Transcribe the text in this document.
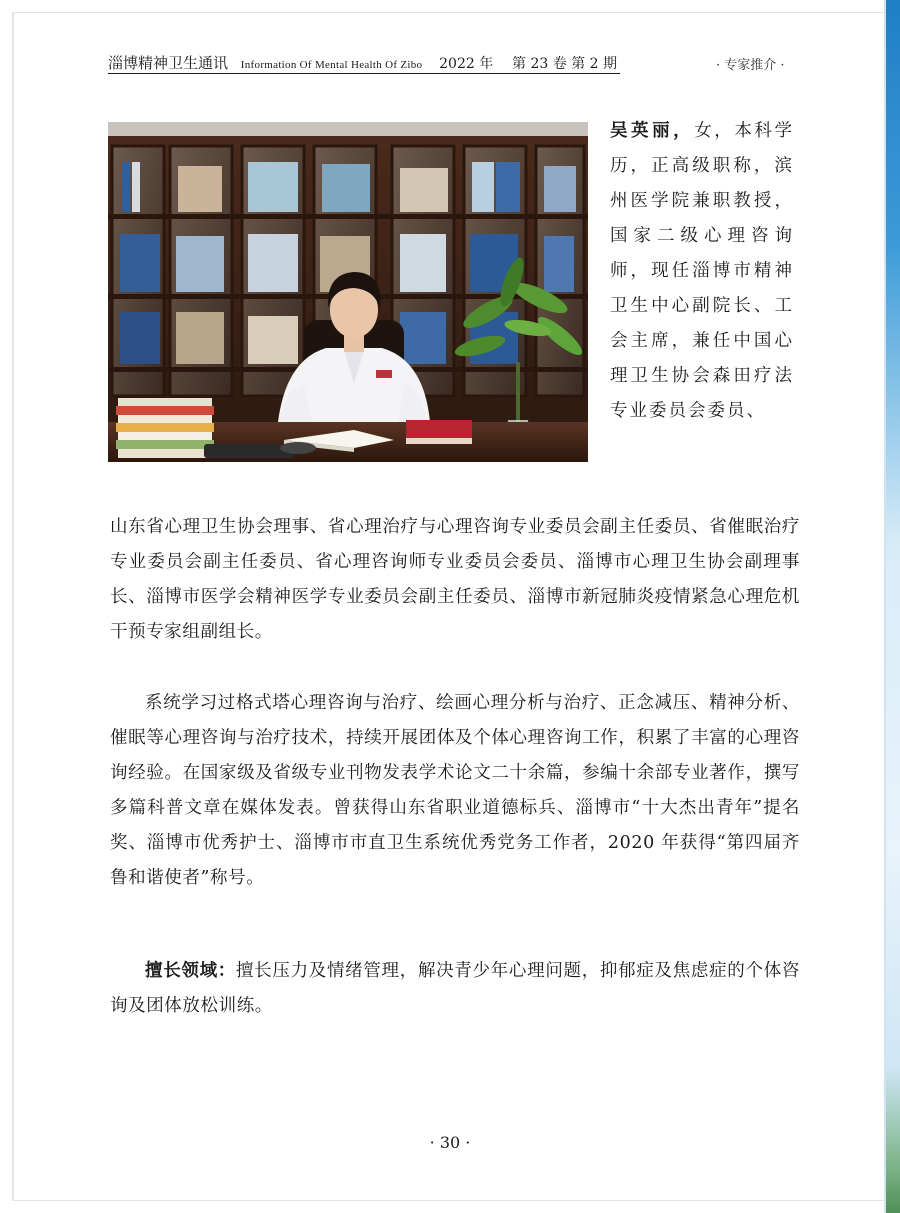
淄博精神卫生通讯 Information Of Mental Health Of Zibo 2022 年 第 23 卷 第 2 期	· 专家推介 ·
吴英丽，女，本科学历，正高级职称，滨州医学院兼职教授，国家二级心理咨询师，现任淄博市精神卫生中心副院长、工会主席，兼任中国心理卫生协会森田疗法专业委员会委员、
山东省心理卫生协会理事、省心理治疗与心理咨询专业委员会副主任委员、省催眠治疗专业委员会副主任委员、省心理咨询师专业委员会委员、淄博市心理卫生协会副理事长、淄博市医学会精神医学专业委员会副主任委员、淄博市新冠肺炎疫情紧急心理危机干预专家组副组长。
系统学习过格式塔心理咨询与治疗、绘画心理分析与治疗、正念减压、精神分析、催眠等心理咨询与治疗技术，持续开展团体及个体心理咨询工作，积累了丰富的心理咨询经验。在国家级及省级专业刊物发表学术论文二十余篇，参编十余部专业著作，撰写多篇科普文章在媒体发表。曾获得山东省职业道德标兵、淄博市“十大杰出青年”提名奖、淄博市优秀护士、淄博市市直卫生系统优秀党务工作者，2020 年获得“第四届齐鲁和谐使者”称号。
擅长领域：擅长压力及情绪管理，解决青少年心理问题，抑郁症及焦虑症的个体咨询及团体放松训练。
· 30 ·
